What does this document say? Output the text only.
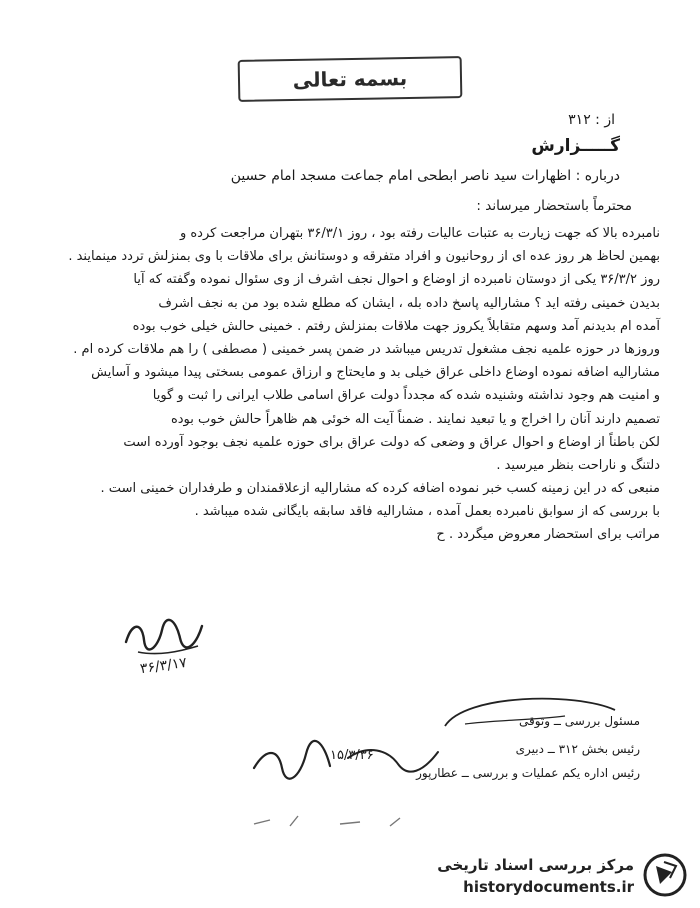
بسمه تعالی
از : ۳۱۲
گـــــزارش
درباره : اظهارات سید ناصر ابطحی امام جماعت مسجد امام حسین
محترماً باستحضار میرساند :
نامبرده بالا که جهت زیارت به عتبات عالیات رفته بود ، روز ۳۶/۳/۱ بتهران مراجعت کرده و
بهمین لحاظ هر روز عده ای از روحانیون و افراد متفرقه و دوستانش برای ملاقات با وی بمنزلش تردد مینمایند .
روز ۳۶/۳/۲ یکی از دوستان نامبرده از اوضاع و احوال نجف اشرف از وی سئوال نموده وگفته که آیا
بدیدن خمینی رفته اید ؟ مشارالیه پاسخ داده بله ، ایشان که مطلع شده بود من به نجف اشرف
آمده ام بدیدنم آمد وسهم متقابلاً یکروز جهت ملاقات بمنزلش رفتم . خمینی حالش خیلی خوب بوده
وروزها در حوزه علمیه نجف مشغول تدریس میباشد در ضمن پسر خمینی ( مصطفی ) را هم ملاقات کرده ام .
مشارالیه اضافه نموده اوضاع داخلی عراق خیلی بد و مایحتاج و ارزاق عمومی بسختی پیدا میشود و آسایش
و امنیت هم وجود نداشته وشنیده شده که مجدداً دولت عراق اسامی طلاب ایرانی را ثبت و گویا
تصمیم دارند آنان را اخراج و یا تبعید نمایند . ضمناً آیت اله خوئی هم ظاهراً حالش خوب بوده
لکن باطناً از اوضاع و احوال عراق و وضعی که دولت عراق برای حوزه علمیه نجف بوجود آورده است
دلتنگ و ناراحت بنظر میرسید .
منبعی که در این زمینه کسب خبر نموده اضافه کرده که مشارالیه ازعلاقمندان و طرفداران خمینی است .
با بررسی که از سوابق نامبرده بعمل آمده ، مشارالیه فاقد سابقه بایگانی شده میباشد .
مراتب برای استحضار معروض میگردد . ح
۳۶/۳/۱۷
مسئول بررسی ــ وثوقی
رئیس بخش ۳۱۲ ــ دبیری
رئیس اداره یکم عملیات و بررسی ــ عطارپور
۱۵/۳/۳۶
مرکز بررسی اسناد تاریخی
historydocuments.ir
